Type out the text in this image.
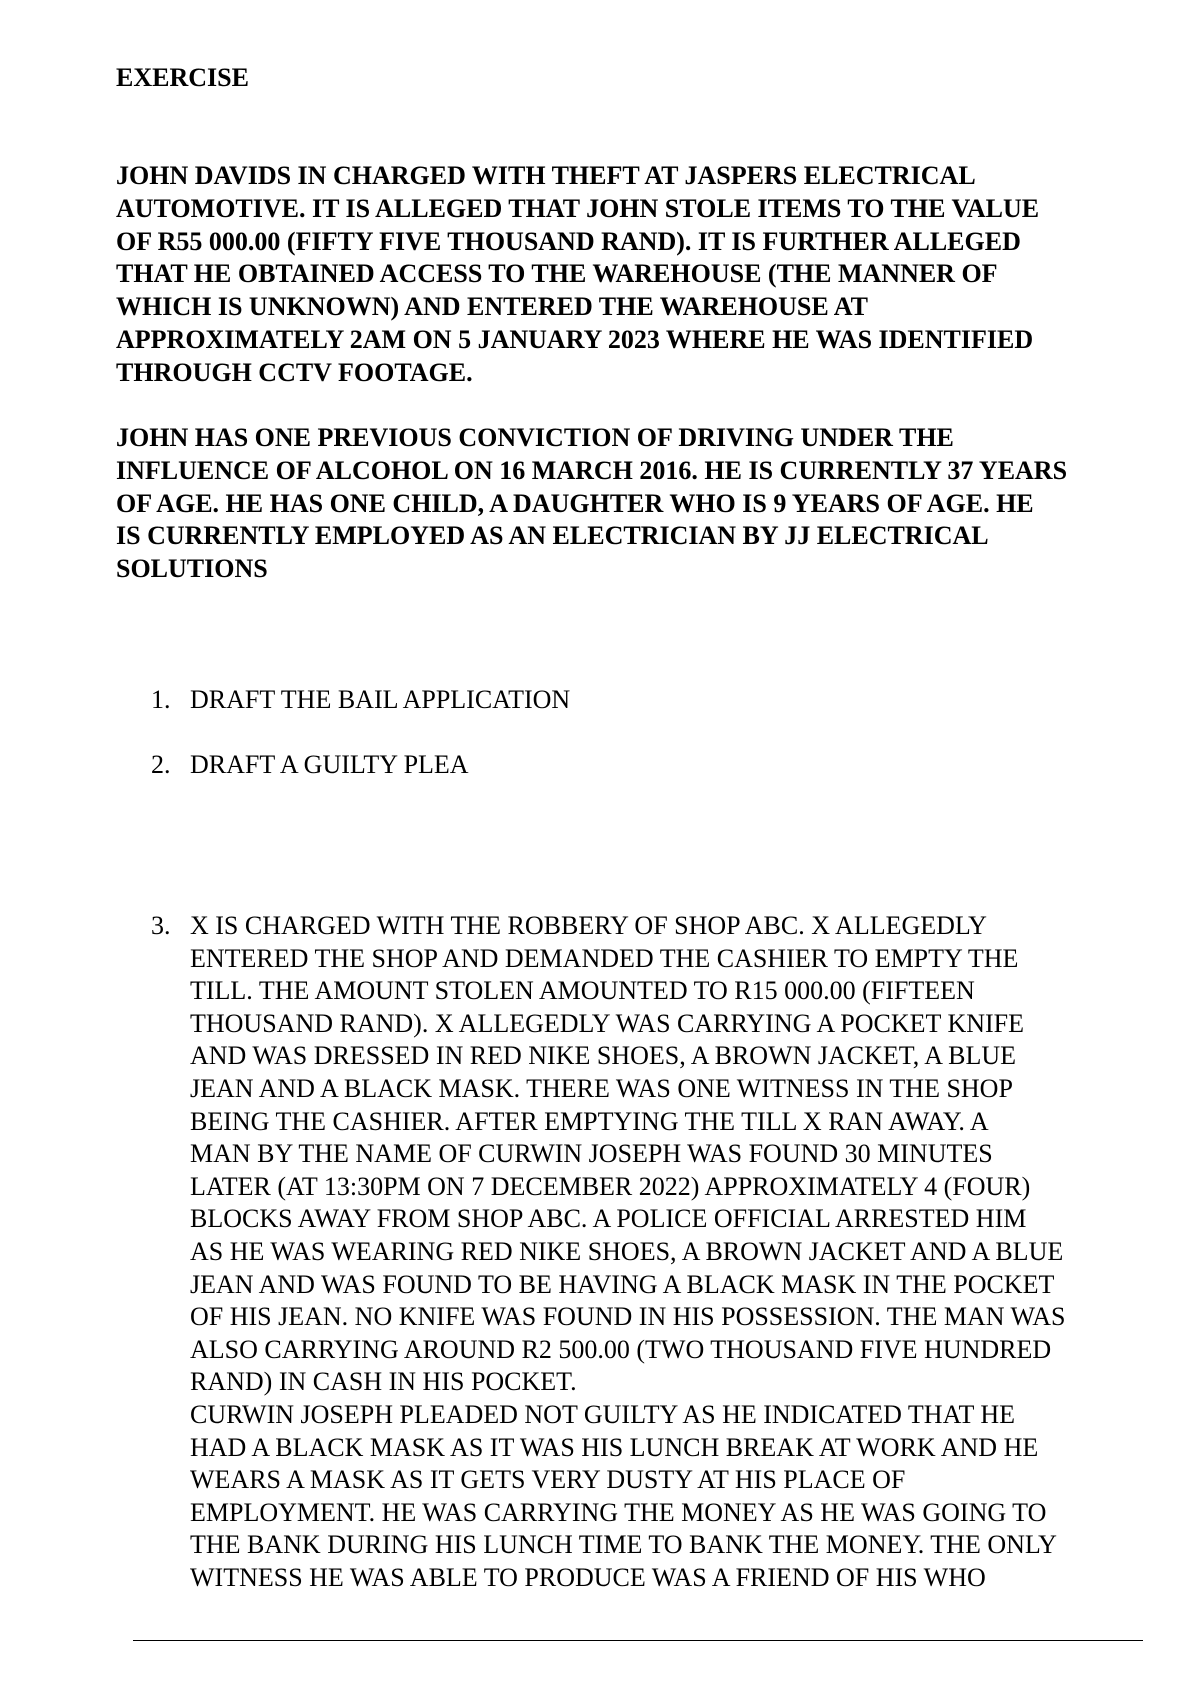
EXERCISE
JOHN DAVIDS IN CHARGED WITH THEFT AT JASPERS ELECTRICAL
AUTOMOTIVE. IT IS ALLEGED THAT JOHN STOLE ITEMS TO THE VALUE
OF R55 000.00 (FIFTY FIVE THOUSAND RAND). IT IS FURTHER ALLEGED
THAT HE OBTAINED ACCESS TO THE WAREHOUSE (THE MANNER OF
WHICH IS UNKNOWN) AND ENTERED THE WAREHOUSE AT
APPROXIMATELY 2AM ON 5 JANUARY 2023 WHERE HE WAS IDENTIFIED
THROUGH CCTV FOOTAGE.
JOHN HAS ONE PREVIOUS CONVICTION OF DRIVING UNDER THE
INFLUENCE OF ALCOHOL ON 16 MARCH 2016. HE IS CURRENTLY 37 YEARS
OF AGE. HE HAS ONE CHILD, A DAUGHTER WHO IS 9 YEARS OF AGE. HE
IS CURRENTLY EMPLOYED AS AN ELECTRICIAN BY JJ ELECTRICAL
SOLUTIONS
1. DRAFT THE BAIL APPLICATION
2. DRAFT A GUILTY PLEA
3. X IS CHARGED WITH THE ROBBERY OF SHOP ABC. X ALLEGEDLY
ENTERED THE SHOP AND DEMANDED THE CASHIER TO EMPTY THE
TILL. THE AMOUNT STOLEN AMOUNTED TO R15 000.00 (FIFTEEN
THOUSAND RAND). X ALLEGEDLY WAS CARRYING A POCKET KNIFE
AND WAS DRESSED IN RED NIKE SHOES, A BROWN JACKET, A BLUE
JEAN AND A BLACK MASK. THERE WAS ONE WITNESS IN THE SHOP
BEING THE CASHIER. AFTER EMPTYING THE TILL X RAN AWAY. A
MAN BY THE NAME OF CURWIN JOSEPH WAS FOUND 30 MINUTES
LATER (AT 13:30PM ON 7 DECEMBER 2022) APPROXIMATELY 4 (FOUR)
BLOCKS AWAY FROM SHOP ABC. A POLICE OFFICIAL ARRESTED HIM
AS HE WAS WEARING RED NIKE SHOES, A BROWN JACKET AND A BLUE
JEAN AND WAS FOUND TO BE HAVING A BLACK MASK IN THE POCKET
OF HIS JEAN. NO KNIFE WAS FOUND IN HIS POSSESSION. THE MAN WAS
ALSO CARRYING AROUND R2 500.00 (TWO THOUSAND FIVE HUNDRED
RAND) IN CASH IN HIS POCKET.
CURWIN JOSEPH PLEADED NOT GUILTY AS HE INDICATED THAT HE
HAD A BLACK MASK AS IT WAS HIS LUNCH BREAK AT WORK AND HE
WEARS A MASK AS IT GETS VERY DUSTY AT HIS PLACE OF
EMPLOYMENT. HE WAS CARRYING THE MONEY AS HE WAS GOING TO
THE BANK DURING HIS LUNCH TIME TO BANK THE MONEY. THE ONLY
WITNESS HE WAS ABLE TO PRODUCE WAS A FRIEND OF HIS WHO
